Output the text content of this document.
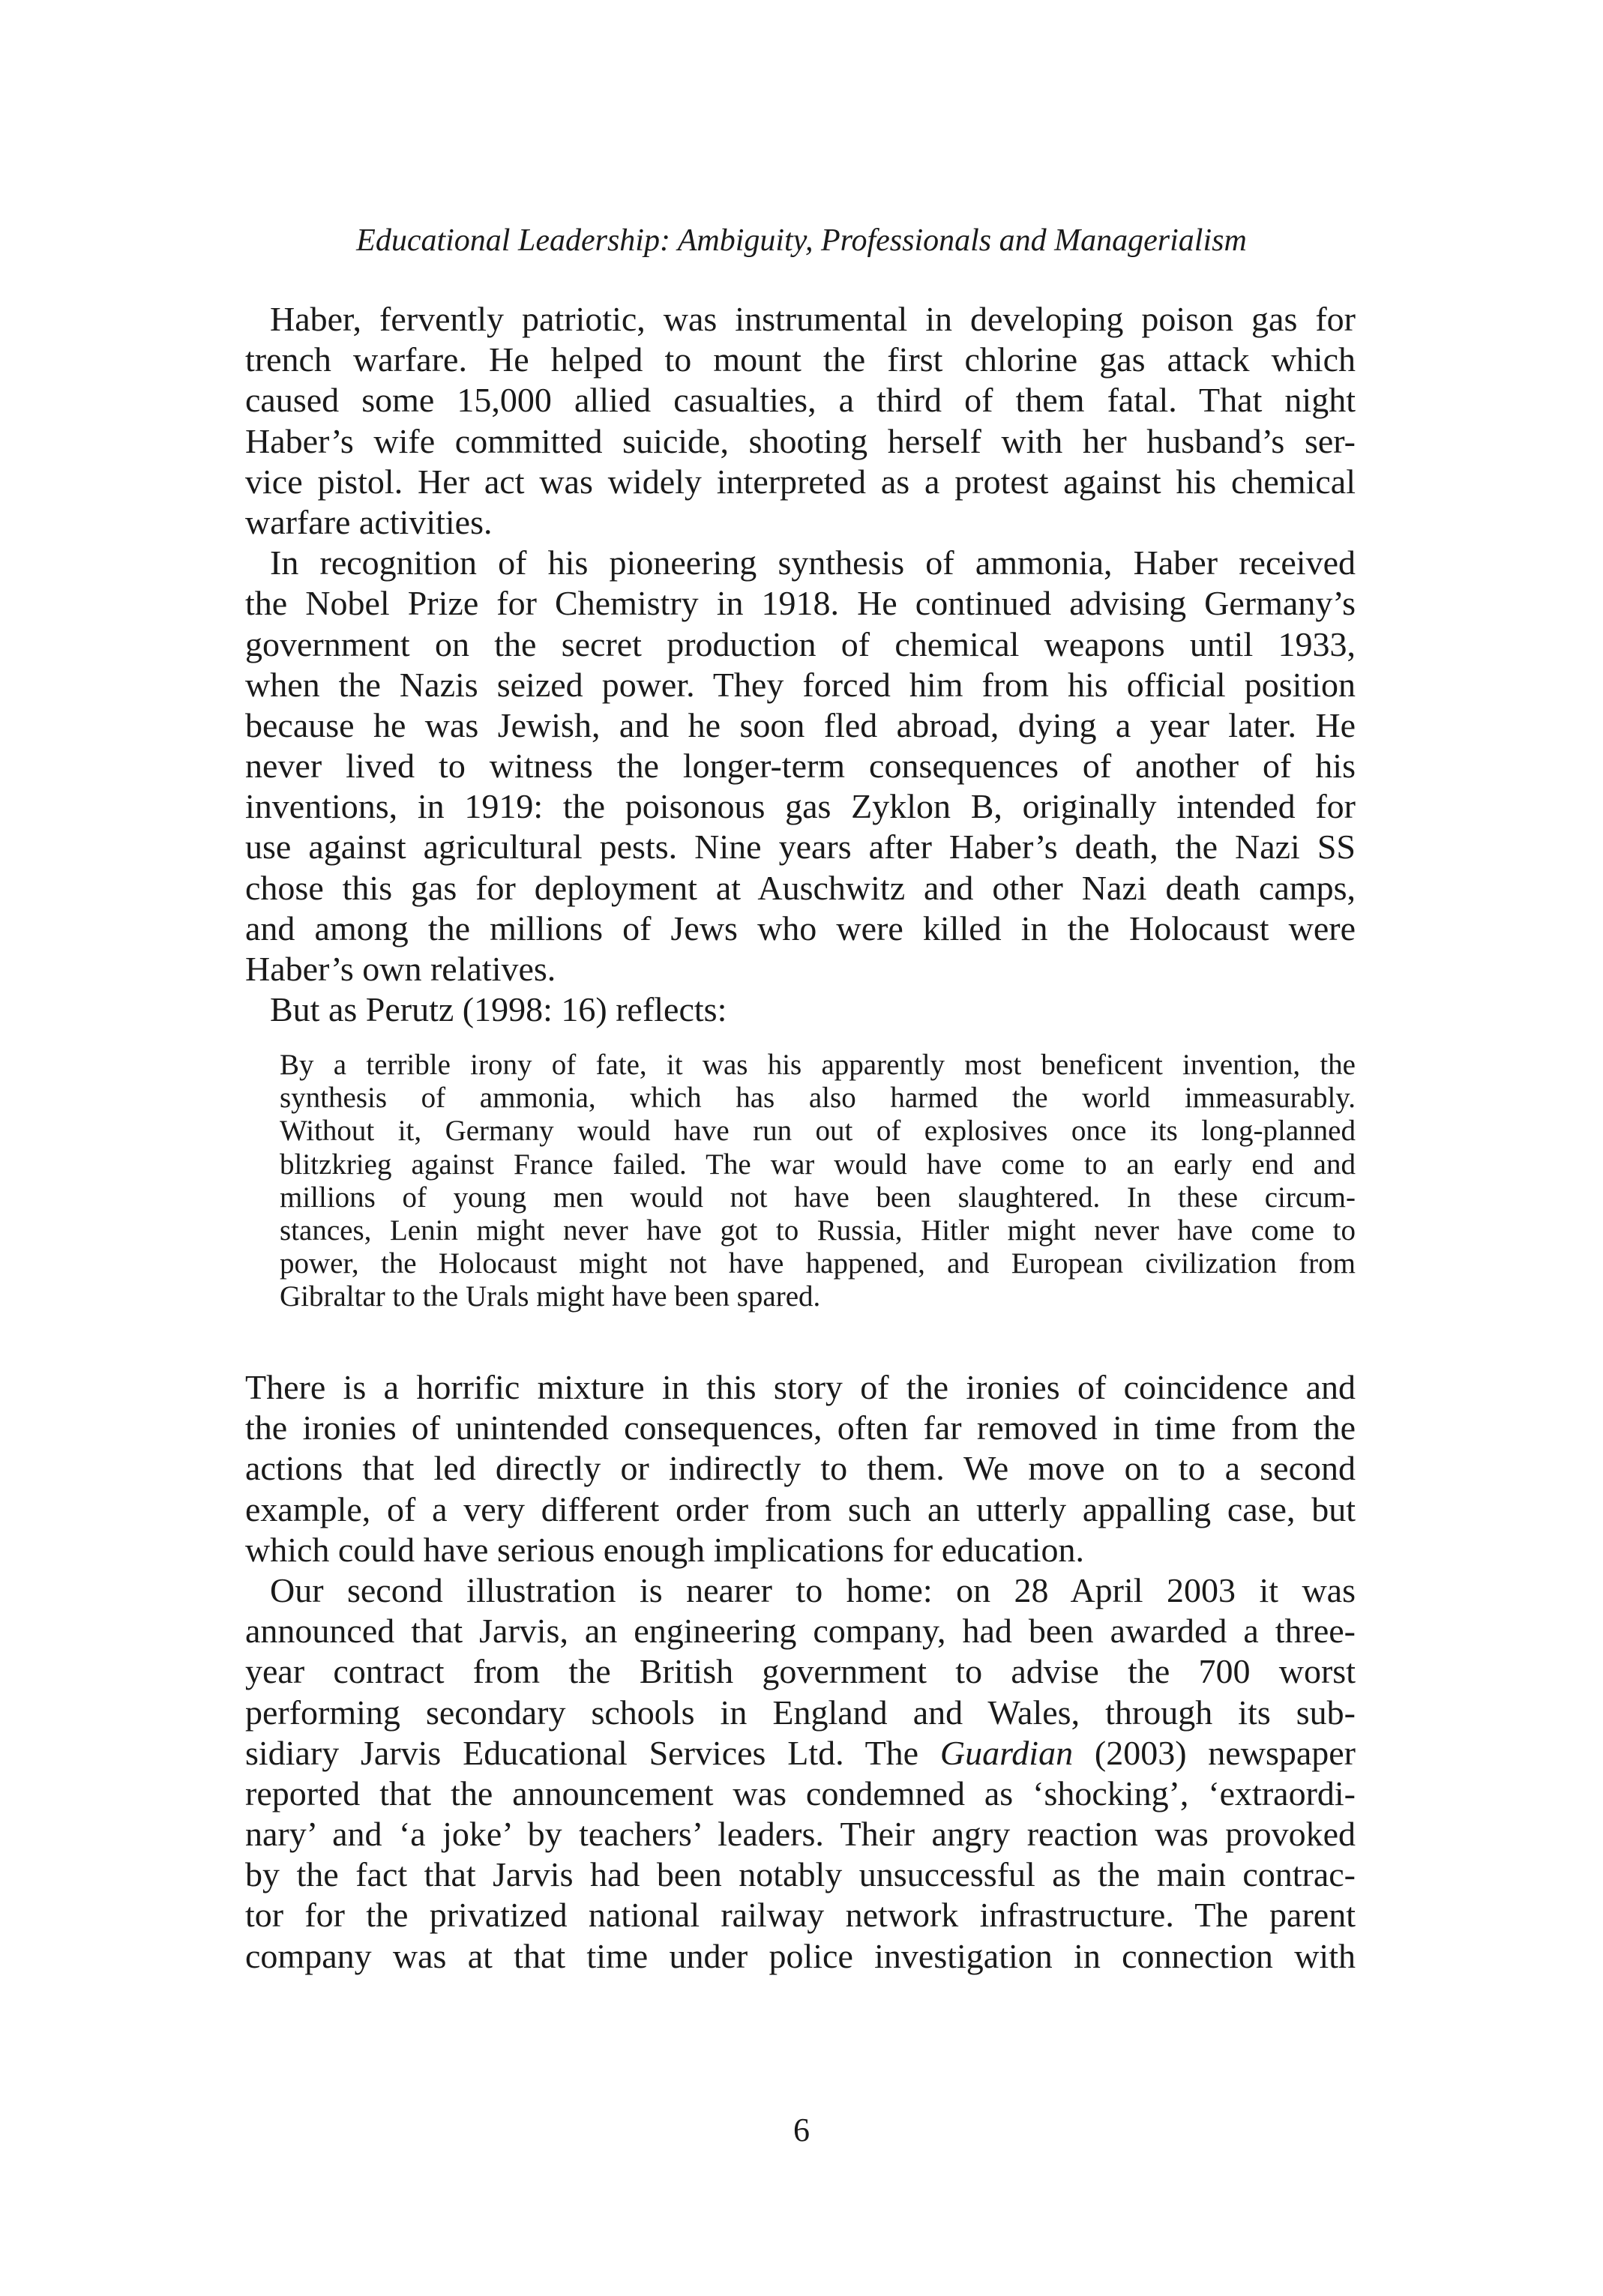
Educational Leadership: Ambiguity, Professionals and Managerialism
Haber, fervently patriotic, was instrumental in developing poison gas for
trench warfare. He helped to mount the first chlorine gas attack which
caused some 15,000 allied casualties, a third of them fatal. That night
Haber’s wife committed suicide, shooting herself with her husband’s ser-
vice pistol. Her act was widely interpreted as a protest against his chemical
warfare activities.
In recognition of his pioneering synthesis of ammonia, Haber received
the Nobel Prize for Chemistry in 1918. He continued advising Germany’s
government on the secret production of chemical weapons until 1933,
when the Nazis seized power. They forced him from his official position
because he was Jewish, and he soon fled abroad, dying a year later. He
never lived to witness the longer-term consequences of another of his
inventions, in 1919: the poisonous gas Zyklon B, originally intended for
use against agricultural pests. Nine years after Haber’s death, the Nazi SS
chose this gas for deployment at Auschwitz and other Nazi death camps,
and among the millions of Jews who were killed in the Holocaust were
Haber’s own relatives.
But as Perutz (1998: 16) reflects:
By a terrible irony of fate, it was his apparently most beneficent invention, the
synthesis of ammonia, which has also harmed the world immeasurably.
Without it, Germany would have run out of explosives once its long-planned
blitzkrieg against France failed. The war would have come to an early end and
millions of young men would not have been slaughtered. In these circum-
stances, Lenin might never have got to Russia, Hitler might never have come to
power, the Holocaust might not have happened, and European civilization from
Gibraltar to the Urals might have been spared.
There is a horrific mixture in this story of the ironies of coincidence and
the ironies of unintended consequences, often far removed in time from the
actions that led directly or indirectly to them. We move on to a second
example, of a very different order from such an utterly appalling case, but
which could have serious enough implications for education.
Our second illustration is nearer to home: on 28 April 2003 it was
announced that Jarvis, an engineering company, had been awarded a three-
year contract from the British government to advise the 700 worst
performing secondary schools in England and Wales, through its sub-
sidiary Jarvis Educational Services Ltd. The Guardian (2003) newspaper
reported that the announcement was condemned as ‘shocking’, ‘extraordi-
nary’ and ‘a joke’ by teachers’ leaders. Their angry reaction was provoked
by the fact that Jarvis had been notably unsuccessful as the main contrac-
tor for the privatized national railway network infrastructure. The parent
company was at that time under police investigation in connection with
6
